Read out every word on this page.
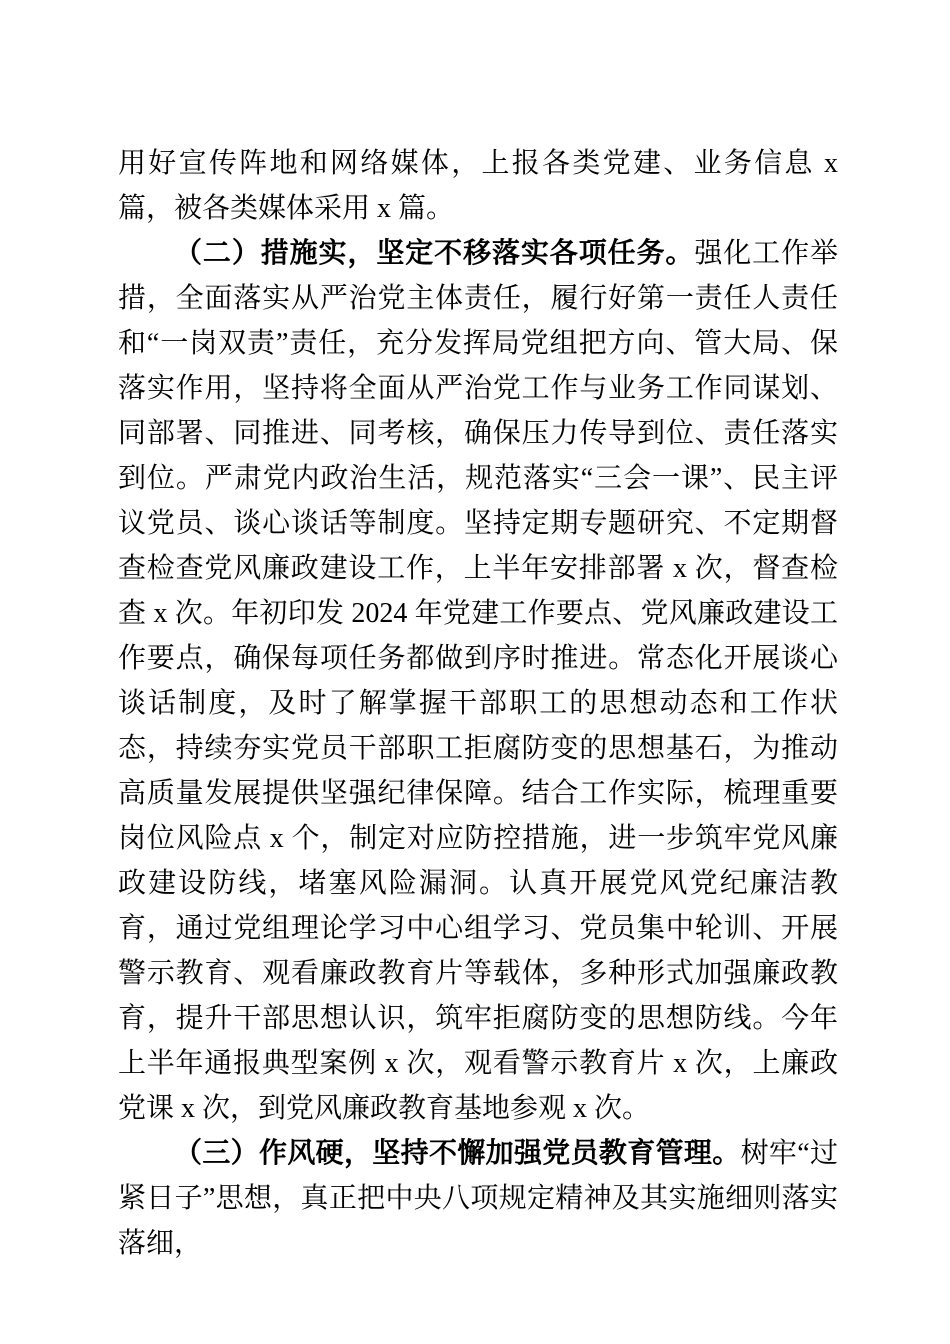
用好宣传阵地和网络媒体，上报各类党建、业务信息 x 篇，被各类媒体采用 x 篇。

（二）措施实，坚定不移落实各项任务。强化工作举措，全面落实从严治党主体责任，履行好第一责任人责任和“一岗双责”责任，充分发挥局党组把方向、管大局、保落实作用，坚持将全面从严治党工作与业务工作同谋划、同部署、同推进、同考核，确保压力传导到位、责任落实到位。严肃党内政治生活，规范落实“三会一课”、民主评议党员、谈心谈话等制度。坚持定期专题研究、不定期督查检查党风廉政建设工作，上半年安排部署 x 次，督查检查 x 次。年初印发 2024 年党建工作要点、党风廉政建设工作要点，确保每项任务都做到序时推进。常态化开展谈心谈话制度，及时了解掌握干部职工的思想动态和工作状态，持续夯实党员干部职工拒腐防变的思想基石，为推动高质量发展提供坚强纪律保障。结合工作实际，梳理重要岗位风险点 x 个，制定对应防控措施，进一步筑牢党风廉政建设防线，堵塞风险漏洞。认真开展党风党纪廉洁教育，通过党组理论学习中心组学习、党员集中轮训、开展警示教育、观看廉政教育片等载体，多种形式加强廉政教育，提升干部思想认识，筑牢拒腐防变的思想防线。今年上半年通报典型案例 x 次，观看警示教育片 x 次，上廉政党课 x 次，到党风廉政教育基地参观 x 次。

（三）作风硬，坚持不懈加强党员教育管理。树牢“过紧日子”思想，真正把中央八项规定精神及其实施细则落实落细，
